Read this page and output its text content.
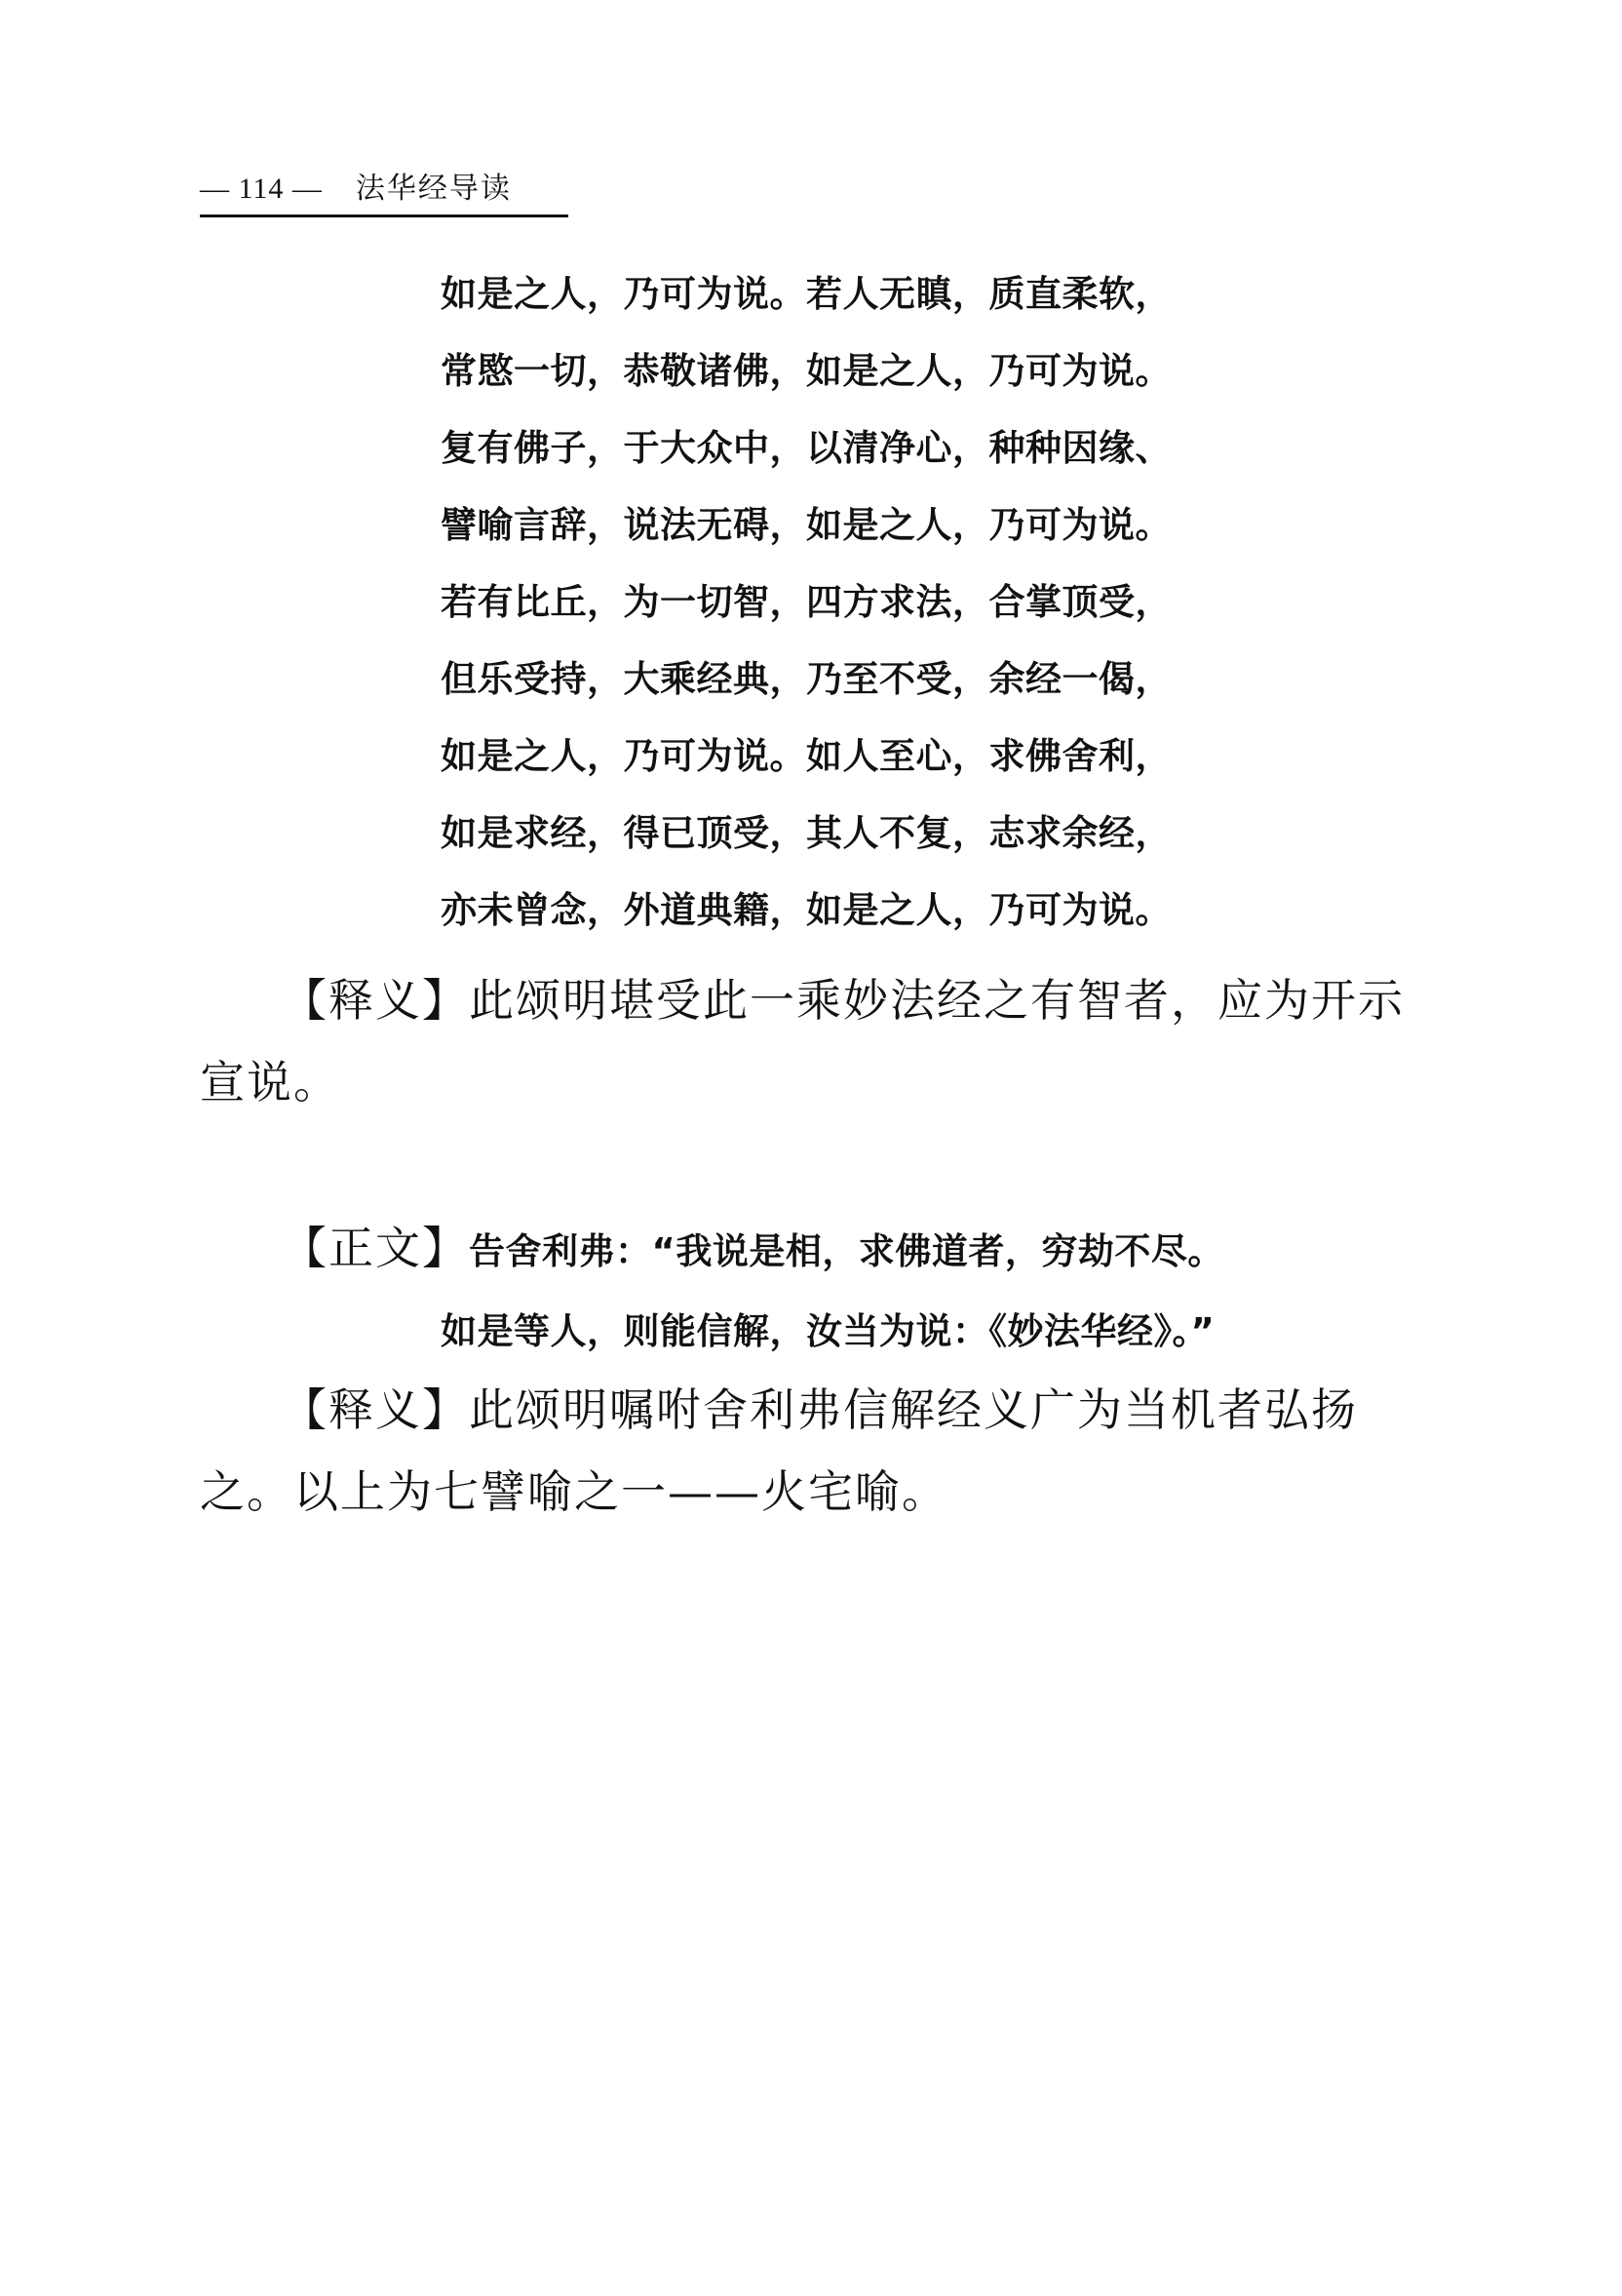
— 114 — 法华经导读
如是之人，乃可为说。若人无瞋，质直柔软，
常愍一切，恭敬诸佛，如是之人，乃可为说。
复有佛子，于大众中，以清净心，种种因缘、
譬喻言辞，说法无碍，如是之人，乃可为说。
若有比丘，为一切智，四方求法，合掌顶受，
但乐受持，大乘经典，乃至不受，余经一偈，
如是之人，乃可为说。如人至心，求佛舍利，
如是求经，得已顶受，其人不复，志求余经，
亦未曾念，外道典籍，如是之人，乃可为说。
【释义】此颂明堪受此一乘妙法经之有智者，应为开示宣说。
【正文】告舍利弗：“我说是相，求佛道者，穷劫不尽。
如是等人，则能信解，汝当为说：《妙法华经》。”
【释义】此颂明嘱咐舍利弗信解经义广为当机者弘扬之。以上为七譬喻之一——火宅喻。
